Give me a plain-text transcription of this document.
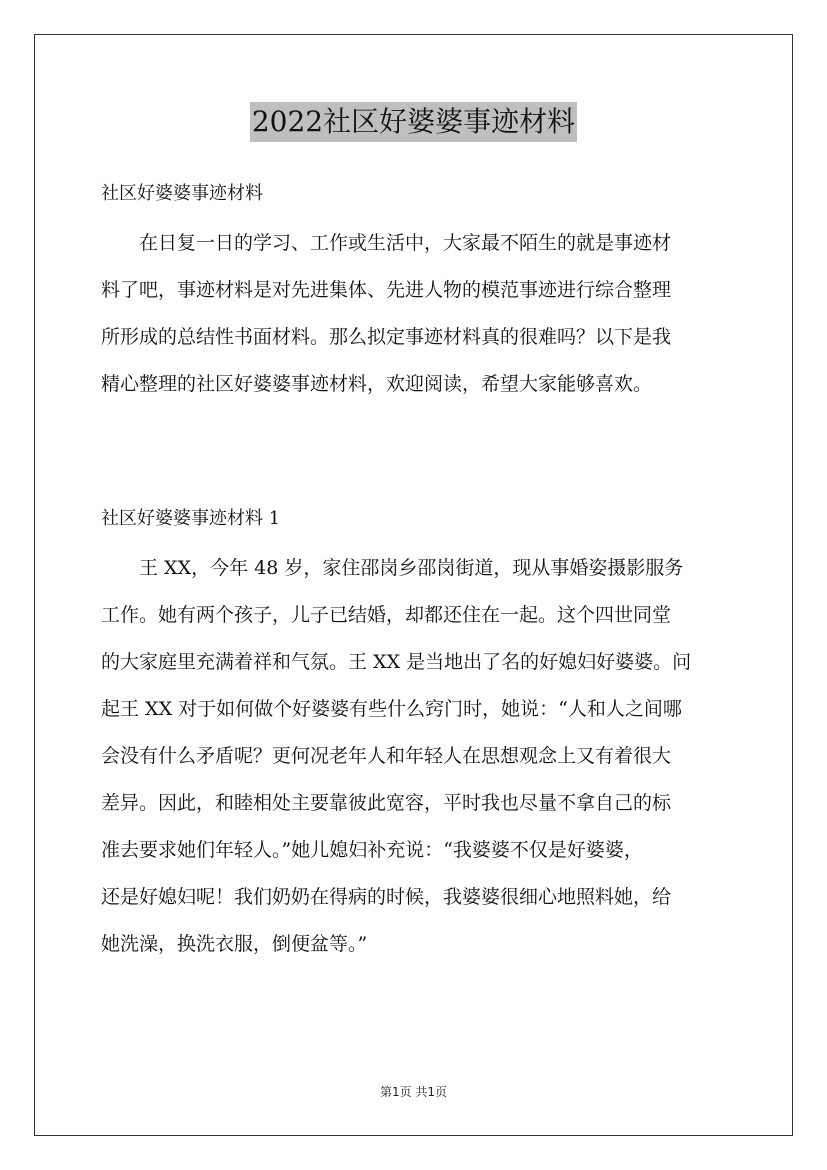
2022社区好婆婆事迹材料
社区好婆婆事迹材料
在日复一日的学习、工作或生活中，大家最不陌生的就是事迹材
料了吧，事迹材料是对先进集体、先进人物的模范事迹进行综合整理
所形成的总结性书面材料。那么拟定事迹材料真的很难吗？以下是我
精心整理的社区好婆婆事迹材料，欢迎阅读，希望大家能够喜欢。
社区好婆婆事迹材料 1
王 XX，今年 48 岁，家住邵岗乡邵岗街道，现从事婚姿摄影服务
工作。她有两个孩子，儿子已结婚，却都还住在一起。这个四世同堂
的大家庭里充满着祥和气氛。王 XX 是当地出了名的好媳妇好婆婆。问
起王 XX 对于如何做个好婆婆有些什么窍门时，她说：“人和人之间哪
会没有什么矛盾呢？更何况老年人和年轻人在思想观念上又有着很大
差异。因此，和睦相处主要靠彼此宽容，平时我也尽量不拿自己的标
准去要求她们年轻人。”她儿媳妇补充说：“我婆婆不仅是好婆婆，
还是好媳妇呢！我们奶奶在得病的时候，我婆婆很细心地照料她，给
她洗澡，换洗衣服，倒便盆等。”
第1页 共1页
